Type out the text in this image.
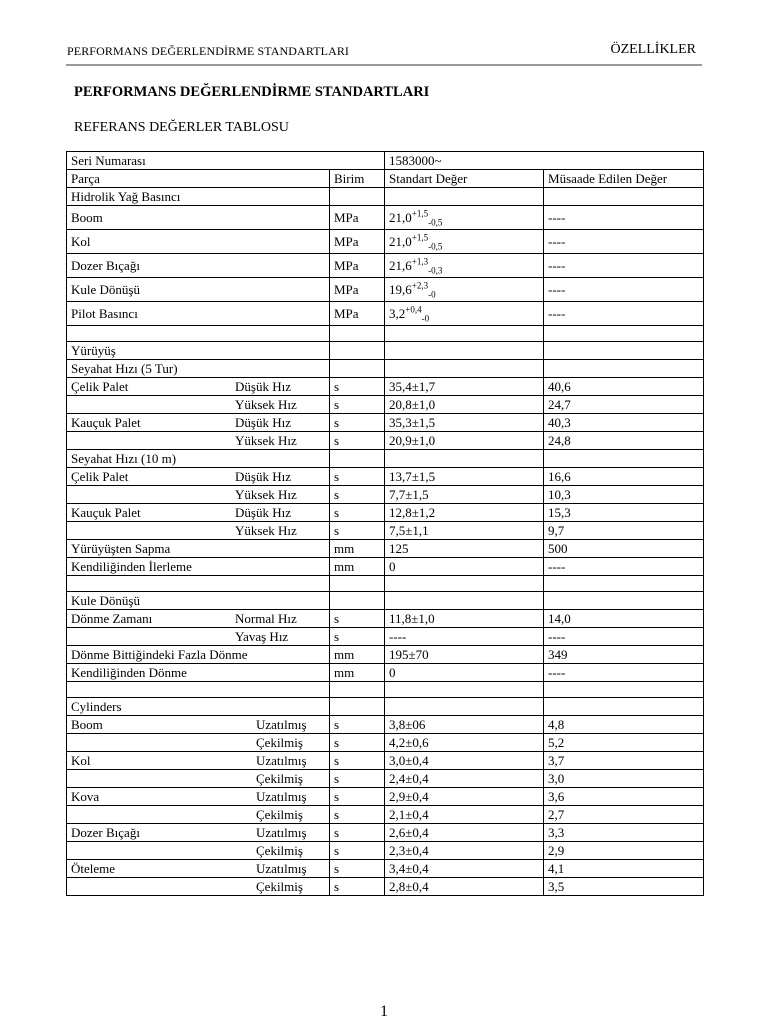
PERFORMANS DEĞERLENDİRME STANDARTLARI	ÖZELLİKLER
PERFORMANS DEĞERLENDİRME STANDARTLARI
REFERANS DEĞERLER TABLOSU
Seri Numarası		1583000~	
Parça	Birim	Standart Değer	Müsaade Edilen Değer
Hidrolik Yağ Basıncı			
Boom	MPa	$21,0^{+1,5}_{-0,5}$	----
Kol	MPa	$21,0^{+1,5}_{-0,5}$	----
Dozer Bıçağı	MPa	$21,6^{+1,3}_{-0,3}$	----
Kule Dönüşü	MPa	$19,6^{+2,3}_{-0}$	----
Pilot Basıncı	MPa	$3,2^{+0,4}_{-0}$	----

Yürüyüş			
Seyahat Hızı (5 Tur)			
Çelik Palet Düşük Hız	s	35,4±1,7	40,6

Yüksek Hız	s	20,8±1,0	24,7
Kauçuk Palet Düşük Hız	s	35,3±1,5	40,3

Yüksek Hız	s	20,9±1,0	24,8
Seyahat Hızı (10 m)			
Çelik Palet Düşük Hız	s	13,7±1,5	16,6

Yüksek Hız	s	7,7±1,5	10,3
Kauçuk Palet Düşük Hız	s	12,8±1,2	15,3

Yüksek Hız	s	7,5±1,1	9,7
Yürüyüşten Sapma	mm	125	500
Kendiliğinden İlerleme	mm	0	----

Kule Dönüşü			
Dönme Zamanı Normal Hız	s	11,8±1,0	14,0

Yavaş Hız	s	----	----
Dönme Bittiğindeki Fazla Dönme	mm	195±70	349
Kendiliğinden Dönme	mm	0	----

Cylinders			
Boom Uzatılmış	s	3,8±06	4,8

Çekilmiş	s	4,2±0,6	5,2
Kol Uzatılmış	s	3,0±0,4	3,7

Çekilmiş	s	2,4±0,4	3,0
Kova Uzatılmış	s	2,9±0,4	3,6

Çekilmiş	s	2,1±0,4	2,7
Dozer Bıçağı Uzatılmış	s	2,6±0,4	3,3

Çekilmiş	s	2,3±0,4	2,9
Öteleme Uzatılmış	s	3,4±0,4	4,1

Çekilmiş	s	2,8±0,4	3,5
1
